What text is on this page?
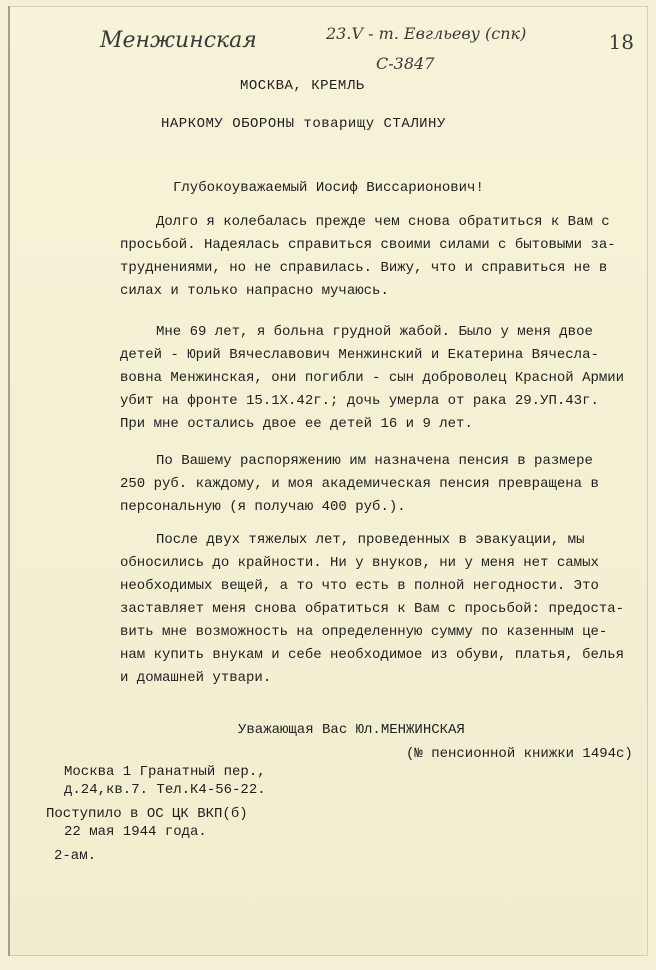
Менжинская	23.V - т. Евгльеву (спк)
С-3847
18
МОСКВА, КРЕМЛЬ
НАРКОМУ ОБОРОНЫ товарищу СТАЛИНУ
Глубокоуважаемый Иосиф Виссарионович!
Долго я колебалась прежде чем снова обратиться к Вам с
просьбой. Надеялась справиться своими силами с бытовыми за-
труднениями, но не справилась. Вижу, что и справиться не в
силах и только напрасно мучаюсь.
Мне 69 лет, я больна грудной жабой. Было у меня двое
детей - Юрий Вячеславович Менжинский и Екатерина Вячесла-
вовна Менжинская, они погибли - сын доброволец Красной Армии
убит на фронте 15.1Х.42г.; дочь умерла от рака 29.УП.43г.
При мне остались двое ее детей 16 и 9 лет.
По Вашему распоряжению им назначена пенсия в размере
250 руб. каждому, и моя академическая пенсия превращена в
персональную (я получаю 400 руб.).
После двух тяжелых лет, проведенных в эвакуации, мы
обносились до крайности. Ни у внуков, ни у меня нет самых
необходимых вещей, а то что есть в полной негодности. Это
заставляет меня снова обратиться к Вам с просьбой: предоста-
вить мне возможность на определенную сумму по казенным це-
нам купить внукам и себе необходимое из обуви, платья, белья
и домашней утвари.
Уважающая Вас Юл.МЕНЖИНСКАЯ
(№ пенсионной книжки 1494с)
Москва 1 Гранатный пер.,
д.24,кв.7. Тел.К4-56-22.
Поступило в ОС ЦК ВКП(б)
22 мая 1944 года.
2-ам.
